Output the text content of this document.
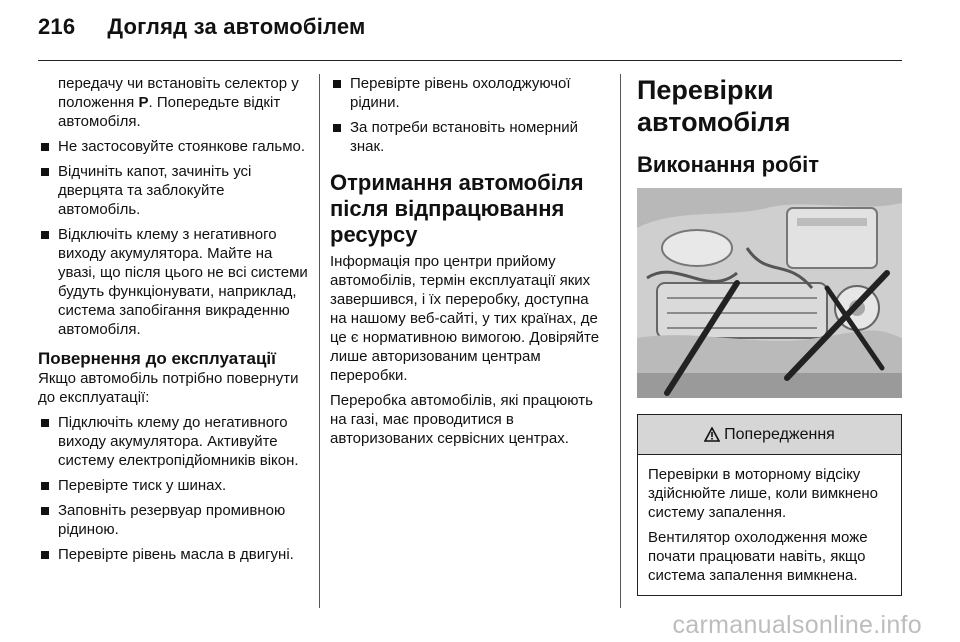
216 Догляд за автомобілем
передачу чи встановіть селектор у положення P. Попередьте відкіт автомобіля.
Не застосовуйте стоянкове гальмо.
Відчиніть капот, зачиніть усі дверцята та заблокуйте автомобіль.
Відключіть клему з негативного виходу акумулятора. Майте на увазі, що після цього не всі системи будуть функціонувати, наприклад, система запобігання викраденню автомобіля.
Повернення до експлуатації
Якщо автомобіль потрібно повернути до експлуатації:
Підключіть клему до негативного виходу акумулятора. Активуйте систему електропідйомників вікон.
Перевірте тиск у шинах.
Заповніть резервуар промивною рідиною.
Перевірте рівень масла в двигуні.
Перевірте рівень охолоджуючої рідини.
За потреби встановіть номерний знак.
Отримання автомобіля
після відпрацювання
ресурсу
Інформація про центри прийому автомобілів, термін експлуатації яких завершився, і їх переробку, доступна на нашому веб-сайті, у тих країнах, де це є нормативною вимогою. Довіряйте лише авторизованим центрам переробки.
Переробка автомобілів, які працюють на газі, має проводитися в авторизованих сервісних центрах.
Перевірки автомобіля
Виконання робіт
Попередження
Перевірки в моторному відсіку здійснюйте лише, коли вимкнено систему запалення.
Вентилятор охолодження може почати працювати навіть, якщо система запалення вимкнена.
carmanualsonline.info
